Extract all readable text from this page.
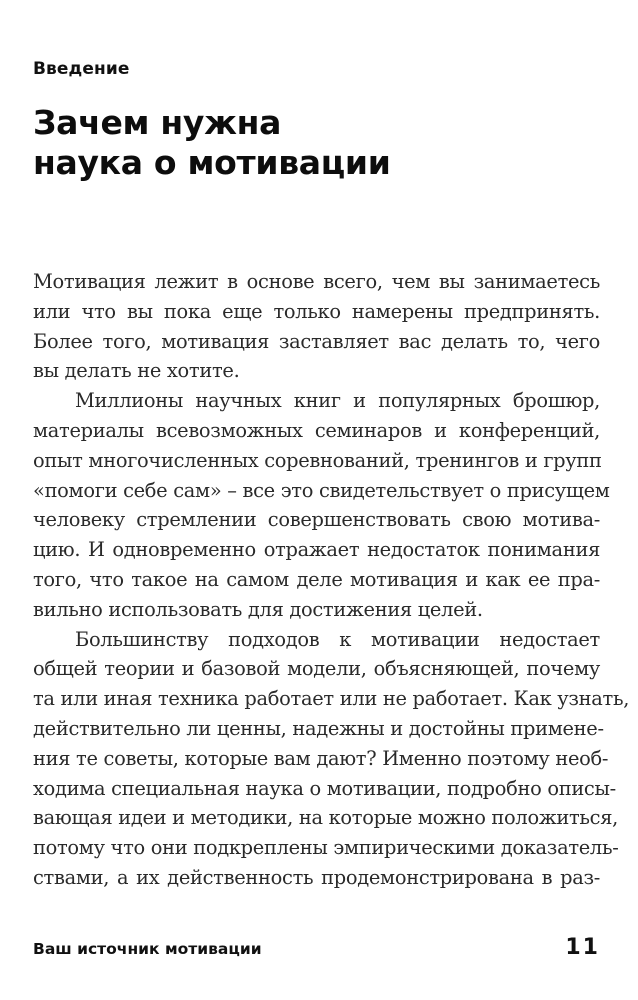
Введение
Зачем нужна
наука о мотивации
Мотивация лежит в основе всего, чем вы занимаетесь
или что вы пока еще только намерены предпринять.
Более того, мотивация заставляет вас делать то, чего
вы делать не хотите.
Миллионы научных книг и популярных брошюр,
материалы всевозможных семинаров и конференций,
опыт многочисленных соревнований, тренингов и групп
«помоги себе сам» – все это свидетельствует о присущем
человеку стремлении совершенствовать свою мотива-
цию. И одновременно отражает недостаток понимания
того, что такое на самом деле мотивация и как ее пра-
вильно использовать для достижения целей.
Большинству подходов к мотивации недостает
общей теории и базовой модели, объясняющей, почему
та или иная техника работает или не работает. Как узнать,
действительно ли ценны, надежны и достойны примене-
ния те советы, которые вам дают? Именно поэтому необ-
ходима специальная наука о мотивации, подробно описы-
вающая идеи и методики, на которые можно положиться,
потому что они подкреплены эмпирическими доказатель-
ствами, а их действенность продемонстрирована в раз-
Ваш источник мотивации	11
